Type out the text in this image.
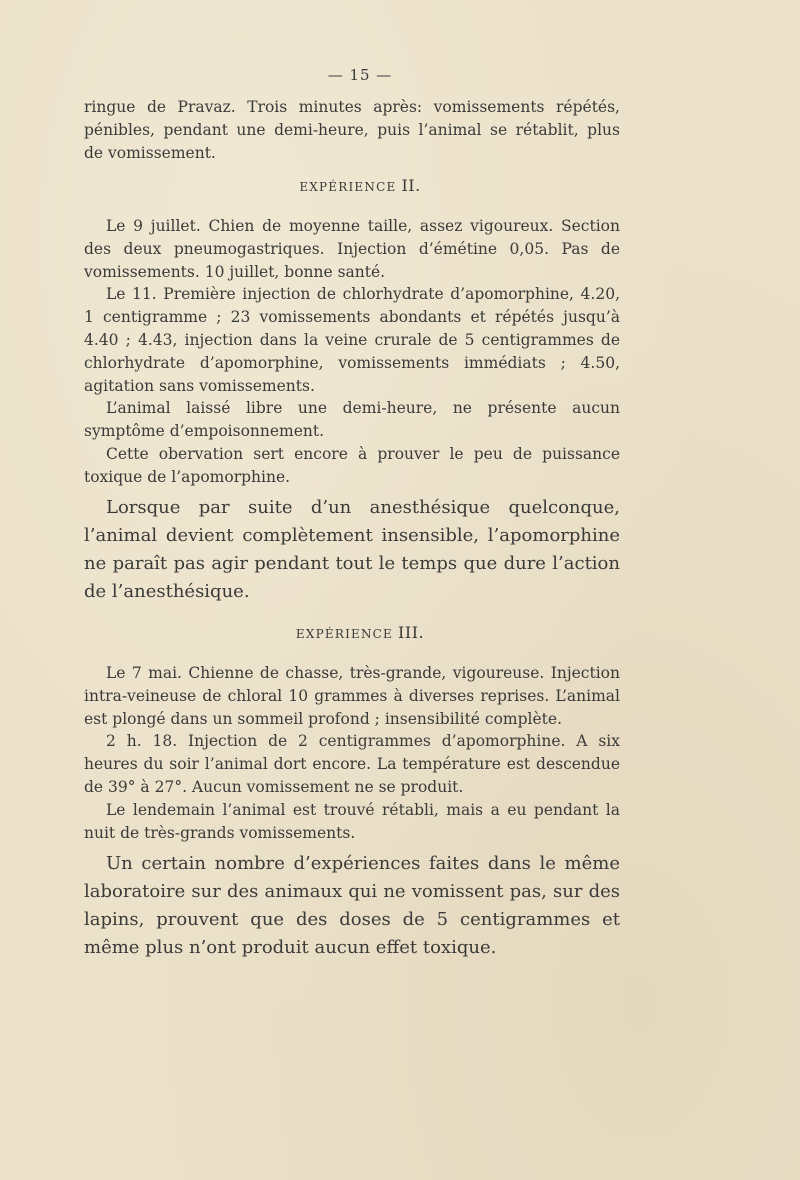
— 15 —

ringue de Pravaz. Trois minutes après: vomissements répétés,

pénibles, pendant une demi-heure, puis l’animal se rétablit, plus

de vomissement.

EXPÉRIENCE II.

Le 9 juillet. Chien de moyenne taille, assez vigoureux. Section des deux pneumogastriques. Injection d’émétine 0,05. Pas de vomissements. 10 juillet, bonne santé.

Le 11. Première injection de chlorhydrate d’apomorphine, 4.20, 1 centigramme ; 23 vomissements abondants et répétés jusqu’à 4.40 ; 4.43, injection dans la veine crurale de 5 centigrammes de chlorhydrate d’apomorphine, vomissements immédiats ; 4.50, agitation sans vomissements.

L’animal laissé libre une demi-heure, ne présente aucun symptôme d’empoisonnement.

Cette obervation sert encore à prouver le peu de puissance toxique de l’apomorphine.

Lorsque par suite d’un anesthésique quelconque, l’animal devient complètement insensible, l’apomorphine ne paraît pas agir pendant tout le temps que dure l’action de l’anesthésique.

EXPÉRIENCE III.

Le 7 mai. Chienne de chasse, très-grande, vigoureuse. Injection intra-veineuse de chloral 10 grammes à diverses reprises. L’animal est plongé dans un sommeil profond ; insensibilité complète.

2 h. 18. Injection de 2 centigrammes d’apomorphine. A six heures du soir l’animal dort encore. La température est descendue de 39° à 27°. Aucun vomissement ne se produit.

Le lendemain l’animal est trouvé rétabli, mais a eu pendant la nuit de très-grands vomissements.

Un certain nombre d’expériences faites dans le même laboratoire sur des animaux qui ne vomissent pas, sur des lapins, prouvent que des doses de 5 centigrammes et même plus n’ont produit aucun effet toxique.
